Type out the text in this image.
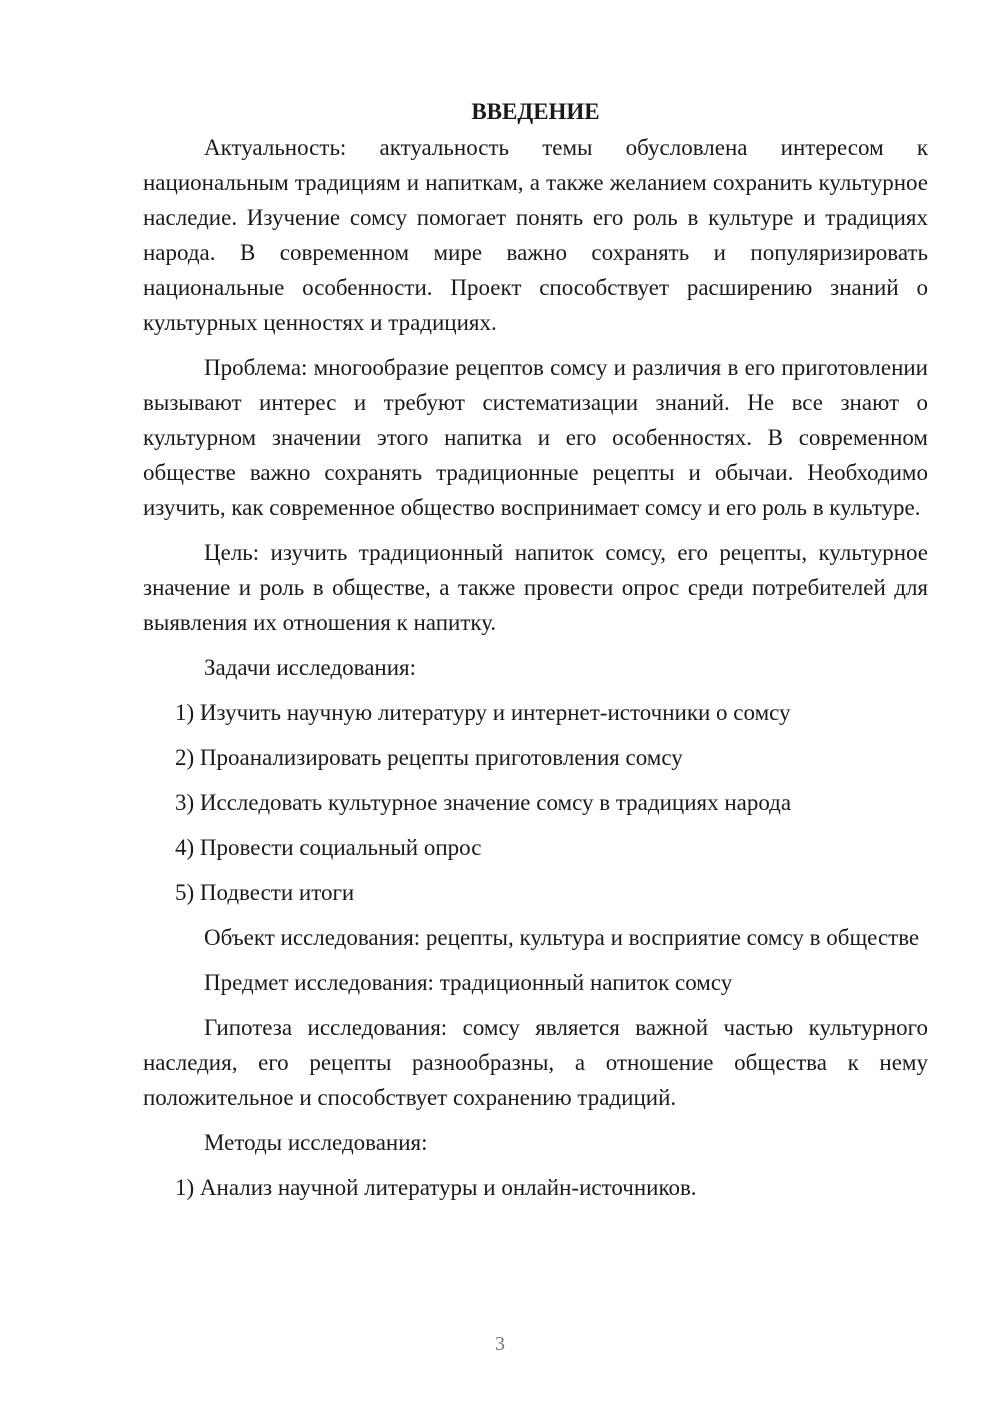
ВВЕДЕНИЕ

Актуальность: актуальность темы обусловлена интересом к национальным традициям и напиткам, а также желанием сохранить культурное наследие. Изучение сомсу помогает понять его роль в культуре и традициях народа. В современном мире важно сохранять и популяризировать национальные особенности. Проект способствует расширению знаний о культурных ценностях и традициях.

Проблема: многообразие рецептов сомсу и различия в его приготовлении вызывают интерес и требуют систематизации знаний. Не все знают о культурном значении этого напитка и его особенностях. В современном обществе важно сохранять традиционные рецепты и обычаи. Необходимо изучить, как современное общество воспринимает сомсу и его роль в культуре.

Цель: изучить традиционный напиток сомсу, его рецепты, культурное значение и роль в обществе, а также провести опрос среди потребителей для выявления их отношения к напитку.

Задачи исследования:

1) Изучить научную литературу и интернет-источники о сомсу
2) Проанализировать рецепты приготовления сомсу
3) Исследовать культурное значение сомсу в традициях народа
4) Провести социальный опрос
5) Подвести итоги

Объект исследования: рецепты, культура и восприятие сомсу в обществе

Предмет исследования: традиционный напиток сомсу

Гипотеза исследования: сомсу является важной частью культурного наследия, его рецепты разнообразны, а отношение общества к нему положительное и способствует сохранению традиций.

Методы исследования:

1) Анализ научной литературы и онлайн-источников.
3
